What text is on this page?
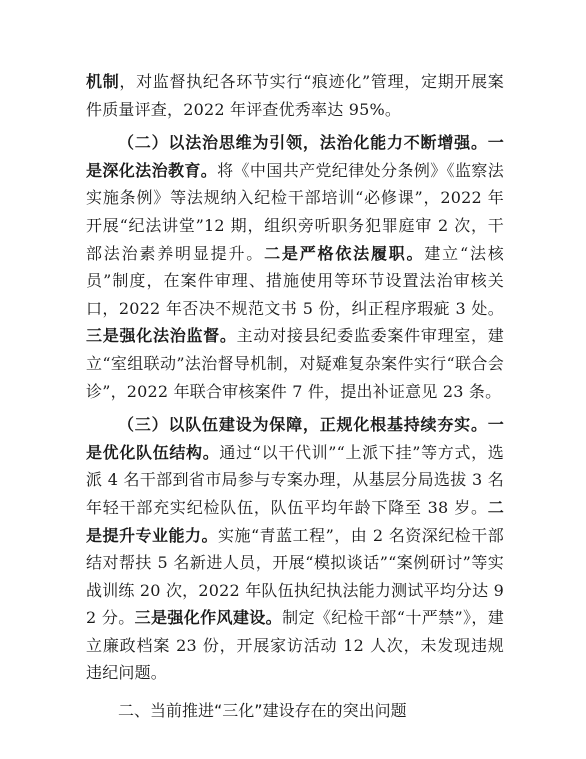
机制，对监督执纪各环节实行“痕迹化”管理，定期开展案件质量评查，2022 年评查优秀率达 95%。

（二）以法治思维为引领，法治化能力不断增强。一是深化法治教育。将《中国共产党纪律处分条例》《监察法实施条例》等法规纳入纪检干部培训“必修课”，2022 年开展“纪法讲堂”12 期，组织旁听职务犯罪庭审 2 次，干部法治素养明显提升。二是严格依法履职。建立“法核员”制度，在案件审理、措施使用等环节设置法治审核关口，2022 年否决不规范文书 5 份，纠正程序瑕疵 3 处。三是强化法治监督。主动对接县纪委监委案件审理室，建立“室组联动”法治督导机制，对疑难复杂案件实行“联合会诊”，2022 年联合审核案件 7 件，提出补证意见 23 条。

（三）以队伍建设为保障，正规化根基持续夯实。一是优化队伍结构。通过“以干代训”“上派下挂”等方式，选派 4 名干部到省市局参与专案办理，从基层分局选拔 3 名年轻干部充实纪检队伍，队伍平均年龄下降至 38 岁。二是提升专业能力。实施“青蓝工程”，由 2 名资深纪检干部结对帮扶 5 名新进人员，开展“模拟谈话”“案例研讨”等实战训练 20 次，2022 年队伍执纪执法能力测试平均分达 92 分。三是强化作风建设。制定《纪检干部“十严禁”》，建立廉政档案 23 份，开展家访活动 12 人次，未发现违规违纪问题。

二、当前推进“三化”建设存在的突出问题
